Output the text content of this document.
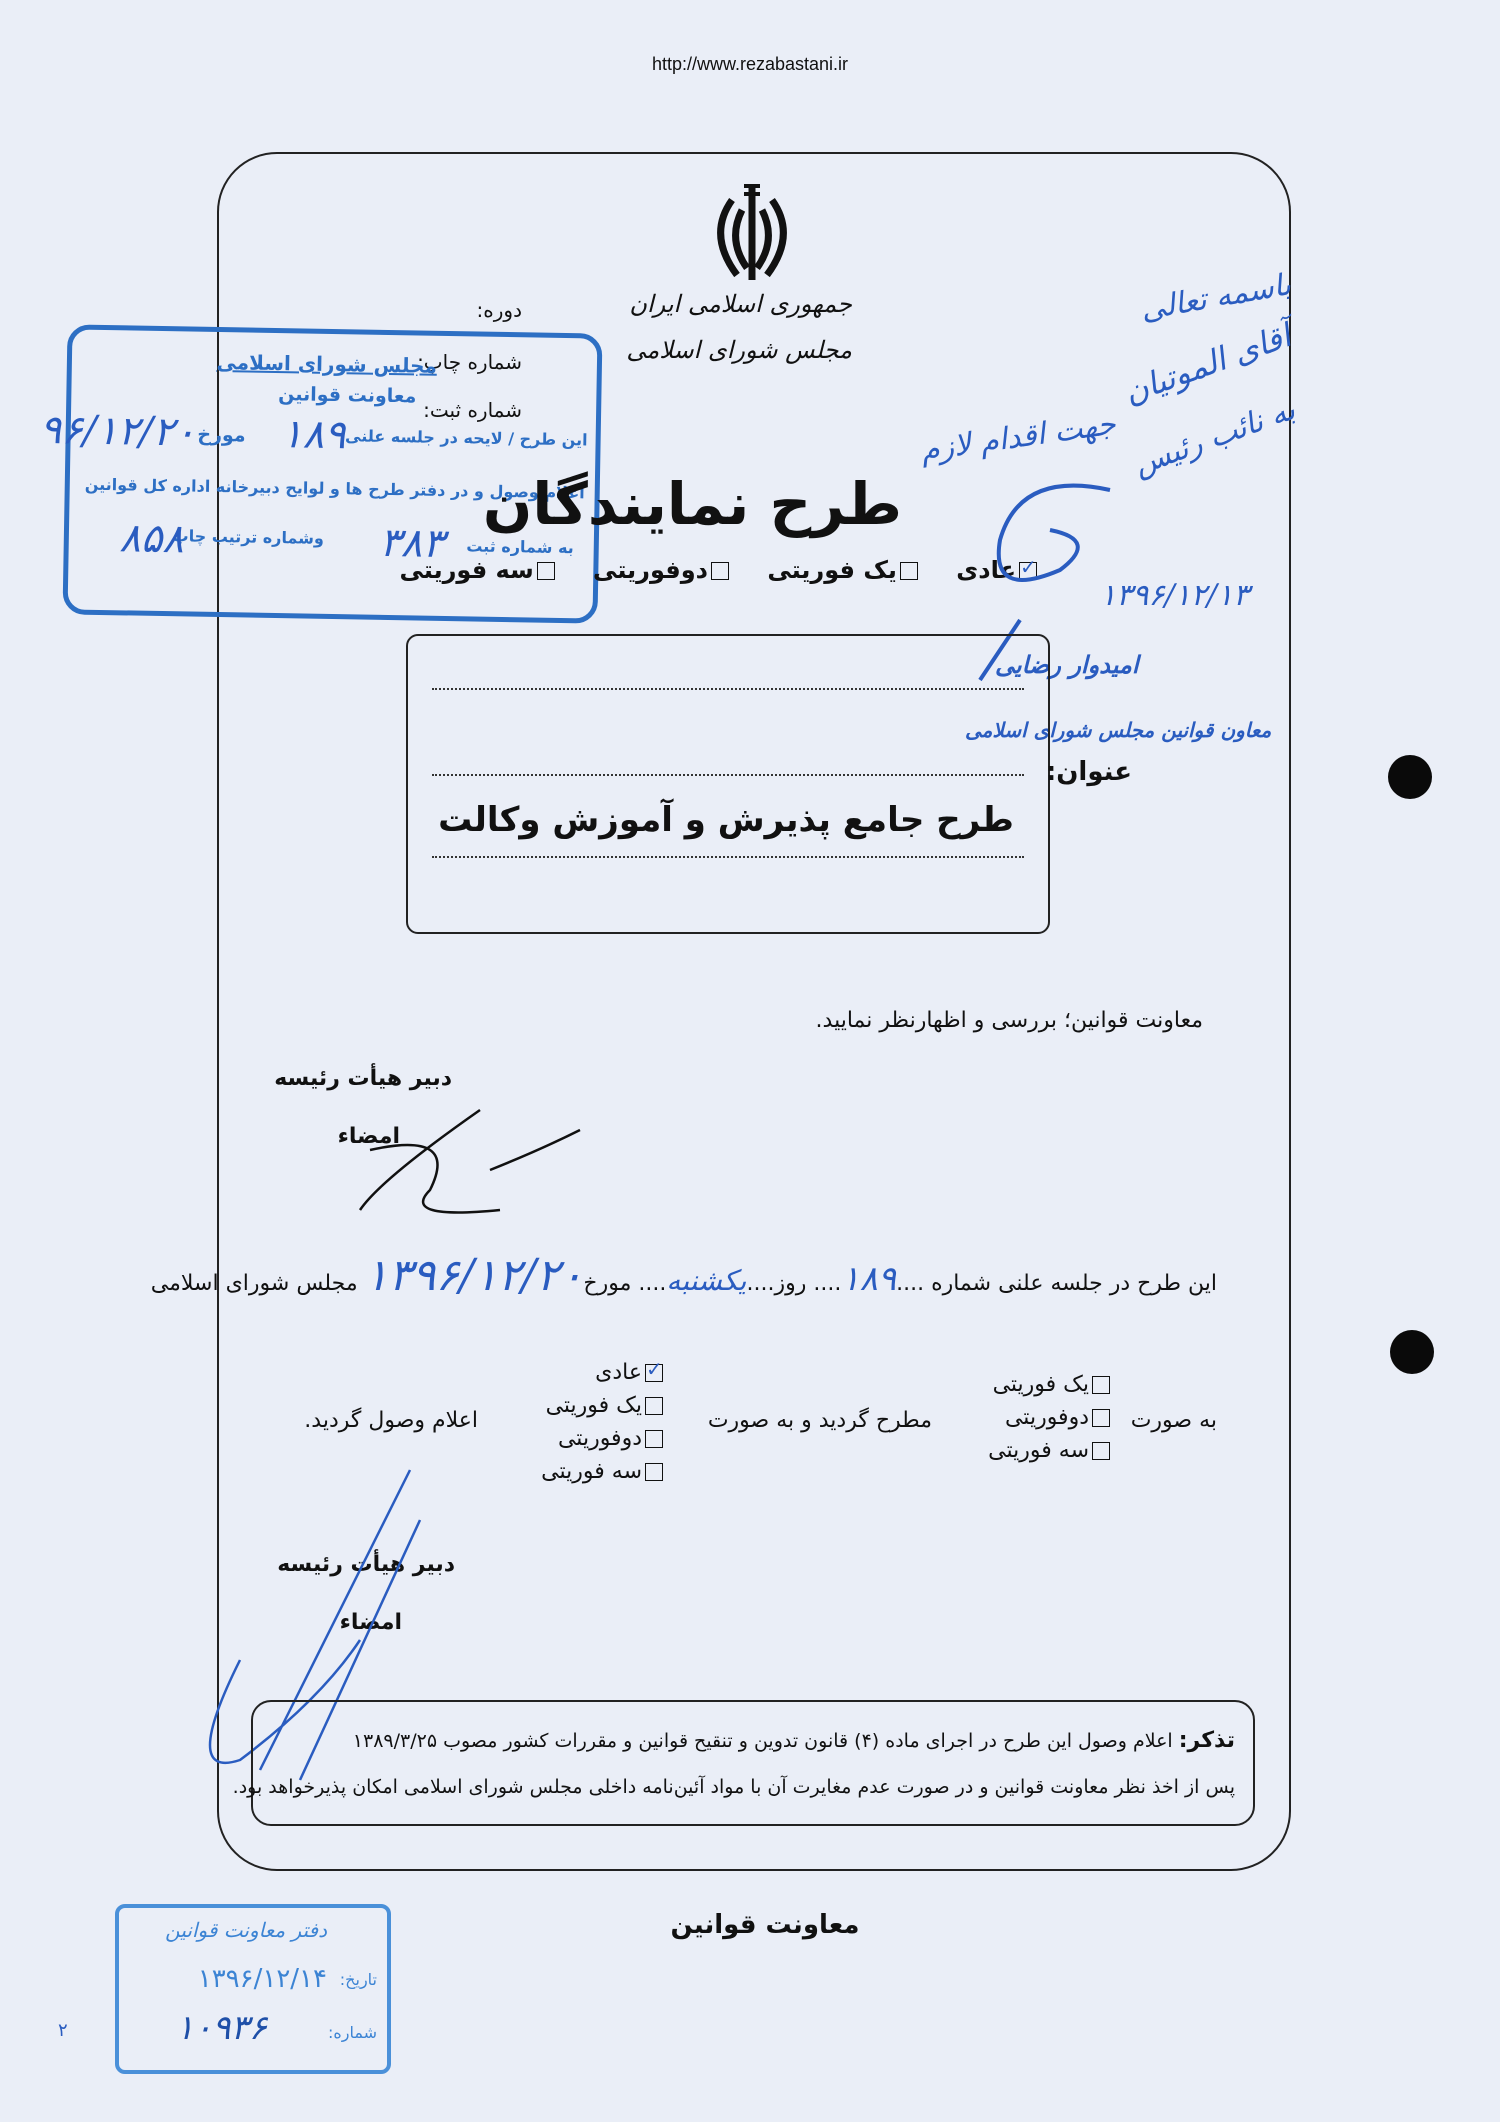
http://www.rezabastani.ir
جمهوری اسلامی ایران
مجلس شورای اسلامی
دوره:
شماره چاپ:
شماره ثبت:
مجلس شورای اسلامی
معاونت قوانین
این طرح / لایحه در جلسه علنی
۱۸۹
مورخ
۹۶/۱۲/۲۰
اعلام وصول و در دفتر طرح ها و لوایح دبیرخانه اداره کل قوانین
به شماره ثبت
۳۸۳
وشماره ترتیب چاپ
۸۵۸
طرح نمایندگان
✓عادی یک فوریتی دوفوریتی سه فوریتی
باسمه تعالی
آقای الموتیان
به نائب رئیس
جهت اقدام لازم
۱۳۹۶/۱۲/۱۳
امیدوار رضایی
معاون قوانین مجلس شورای اسلامی
عنوان:
طرح جامع پذیرش و آموزش وکالت
معاونت قوانین؛ بررسی و اظهارنظر نمایید.
دبیر هیأت رئیسه
امضاء
این طرح در جلسه علنی شماره ....۱۸۹.... روز....یکشنبه.... مورخ۱۳۹۶/۱۲/۲۰ مجلس شورای اسلامی
به صورت
یک فوریتی
دوفوریتی
سه فوریتی
مطرح گردید و به صورت
✓عادی
یک فوریتی
دوفوریتی
سه فوریتی
اعلام وصول گردید.
دبیر هیأت رئیسه
امضاء
تذکر: اعلام وصول این طرح در اجرای ماده (۴) قانون تدوین و تنقیح قوانین و مقررات کشور مصوب ۱۳۸۹/۳/۲۵
پس از اخذ نظر معاونت قوانین و در صورت عدم مغایرت آن با مواد آئین‌نامه داخلی مجلس شورای اسلامی امکان پذیرخواهد بود.
معاونت قوانین
دفتر معاونت قوانین
تاریخ:
۱۳۹۶/۱۲/۱۴
شماره:
۱۰۹۳۶
۲
